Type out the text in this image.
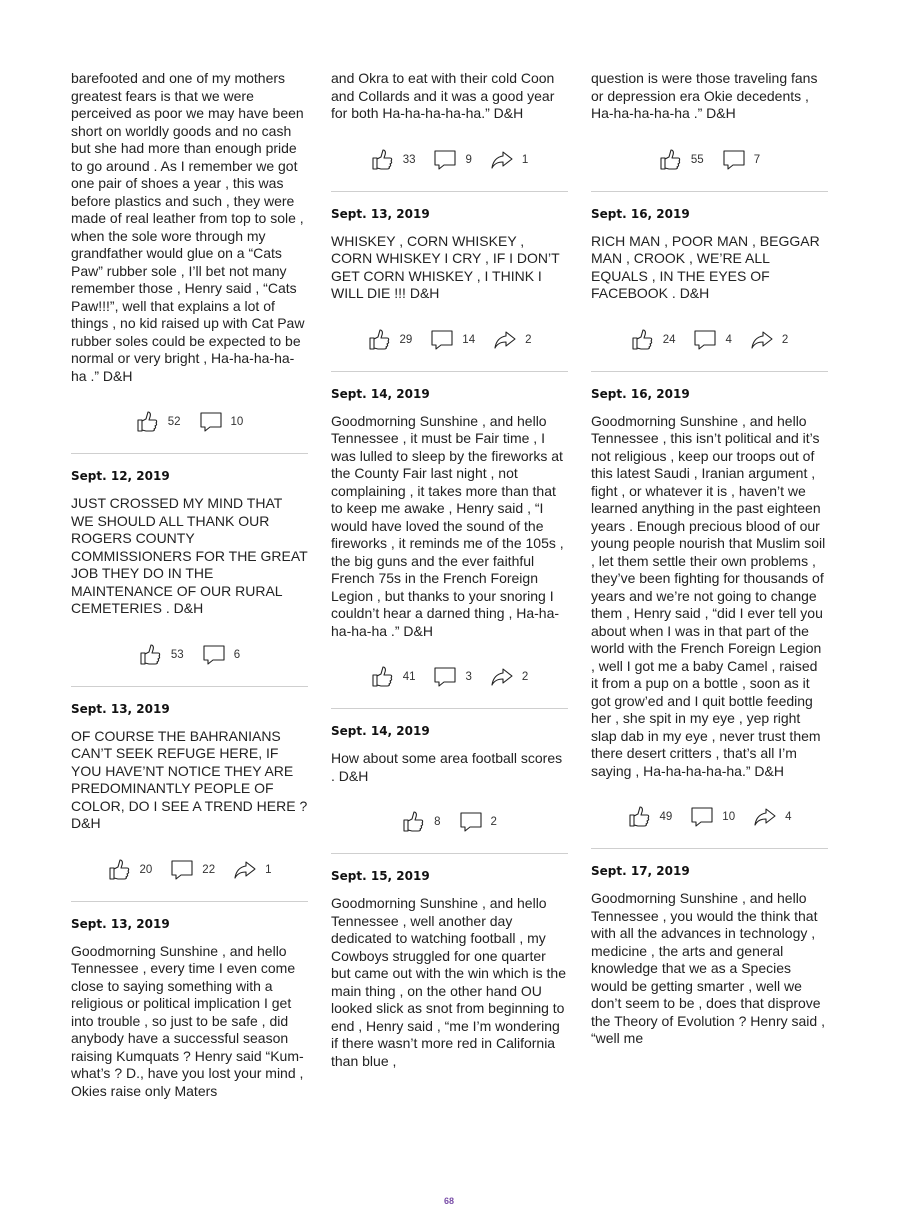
barefooted and one of my mothers greatest fears is that we were perceived as poor we may have been short on worldly goods and no cash but she had more than enough pride to go around . As I remember we got one pair of shoes a year , this was before plastics and such , they were made of real leather from top to sole , when the sole wore through my grandfather would glue on a “Cats Paw” rubber sole , I’ll bet not many remember those , Henry said , “Cats Paw!!!”, well that explains a lot of things , no kid raised up with Cat Paw rubber soles could be expected to be normal or very bright , Ha-ha-ha-ha-ha .” D&H

52	10

Sept. 12, 2019

JUST CROSSED MY MIND THAT WE SHOULD ALL THANK OUR ROGERS COUNTY COMMISSIONERS FOR THE GREAT JOB THEY DO IN THE MAINTENANCE OF OUR RURAL CEMETERIES . D&H

53	6

Sept. 13, 2019

OF COURSE THE BAHRANIANS CAN’T SEEK REFUGE HERE, IF YOU HAVE’NT NOTICE THEY ARE PREDOMINANTLY PEOPLE OF COLOR, DO I SEE A TREND HERE ? D&H

20	22	1

Sept. 13, 2019

Goodmorning Sunshine , and hello Tennessee , every time I even come close to saying something with a religious or political implication I get into trouble , so just to be safe , did anybody have a successful season raising Kumquats ? Henry said “Kum-what’s ? D., have you lost your mind , Okies raise only Maters

and Okra to eat with their cold Coon and Collards and it was a good year for both Ha-ha-ha-ha-ha.” D&H

33	9	1

Sept. 13, 2019

WHISKEY , CORN WHISKEY , CORN WHISKEY I CRY , IF I DON’T GET CORN WHISKEY , I THINK I WILL DIE !!! D&H

29	14	2

Sept. 14, 2019

Goodmorning Sunshine , and hello Tennessee , it must be Fair time , I was lulled to sleep by the fireworks at the County Fair last night , not complaining , it takes more than that to keep me awake , Henry said , “I would have loved the sound of the fireworks , it reminds me of the 105s , the big guns and the ever faithful French 75s in the French Foreign Legion , but thanks to your snoring I couldn’t hear a darned thing , Ha-ha-ha-ha-ha .” D&H

41	3	2

Sept. 14, 2019

How about some area football scores . D&H

8	2

Sept. 15, 2019

Goodmorning Sunshine , and hello Tennessee , well another day dedicated to watching football , my Cowboys struggled for one quarter but came out with the win which is the main thing , on the other hand OU looked slick as snot from beginning to end , Henry said , “me I’m wondering if there wasn’t more red in California than blue ,

question is were those traveling fans or depression era Okie decedents , Ha-ha-ha-ha-ha .” D&H

55	7

Sept. 16, 2019

RICH MAN , POOR MAN , BEGGAR MAN , CROOK , WE’RE ALL EQUALS , IN THE EYES OF FACEBOOK . D&H

24	4	2

Sept. 16, 2019

Goodmorning Sunshine , and hello Tennessee , this isn’t political and it’s not religious , keep our troops out of this latest Saudi , Iranian argument , fight , or whatever it is , haven’t we learned anything in the past eighteen years . Enough precious blood of our young people nourish that Muslim soil , let them settle their own problems , they’ve been fighting for thousands of years and we’re not going to change them , Henry said , “did I ever tell you about when I was in that part of the world with the French Foreign Legion , well I got me a baby Camel , raised it from a pup on a bottle , soon as it got grow’ed and I quit bottle feeding her , she spit in my eye , yep right slap dab in my eye , never trust them there desert critters , that’s all I’m saying , Ha-ha-ha-ha-ha.” D&H

49	10	4

Sept. 17, 2019

Goodmorning Sunshine , and hello Tennessee , you would the think that with all the advances in technology , medicine , the arts and general knowledge that we as a Species would be getting smarter , well we don’t seem to be , does that disprove the Theory of Evolution ? Henry said , “well me

68
